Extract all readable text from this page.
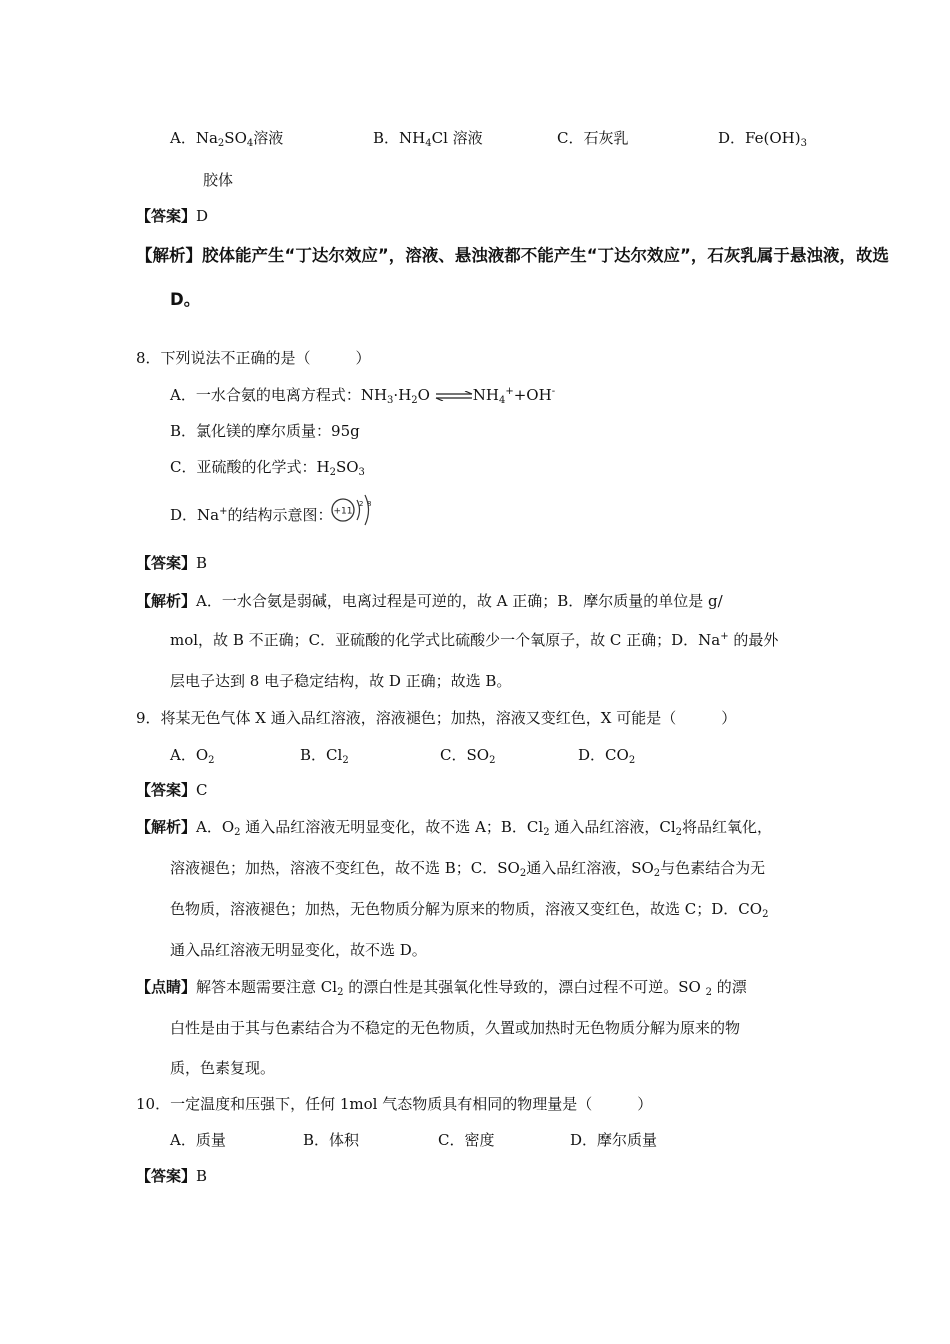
A．$Na_2SO_4$溶液	B．$NH_4Cl$ 溶液	C．石灰乳	D．$Fe(OH)_3$
胶体
【答案】D
【解析】胶体能产生“丁达尔效应”，溶液、悬浊液都不能产生“丁达尔效应”，石灰乳属于悬浊液，故选
D。
8．下列说法不正确的是（　　　）
A．一水合氨的电离方程式：$NH_3\cdot H_2O$ $\rightleftharpoons NH_4^++OH^-$
B．氯化镁的摩尔质量：95g
C．亚硫酸的化学式：$H_2SO_3$
D．Na+的结构示意图： +11
2 8
【答案】B
【解析】A．一水合氨是弱碱，电离过程是可逆的，故 A 正确；B．摩尔质量的单位是 g/
mol，故 B 不正确；C．亚硫酸的化学式比硫酸少一个氧原子，故 C 正确；D．Na+ 的最外
层电子达到 8 电子稳定结构，故 D 正确；故选 B。
9．将某无色气体 X 通入品红溶液，溶液褪色；加热，溶液又变红色，X 可能是（　　　）
A．$O_2$	B．$Cl_2$	C．$SO_2$	D．$CO_2$
【答案】C
【解析】A．$O_2$ 通入品红溶液无明显变化，故不选 A；B．$Cl_2$ 通入品红溶液，$Cl_2$将品红氧化，
溶液褪色；加热，溶液不变红色，故不选 B；C．$SO_2$通入品红溶液，$SO_2$与色素结合为无
色物质，溶液褪色；加热，无色物质分解为原来的物质，溶液又变红色，故选 C；D．$CO_2$
通入品红溶液无明显变化，故不选 D。
【点睛】解答本题需要注意 $Cl_2$ 的漂白性是其强氧化性导致的，漂白过程不可逆。SO $_2$ 的漂
白性是由于其与色素结合为不稳定的无色物质，久置或加热时无色物质分解为原来的物
质，色素复现。
10．一定温度和压强下，任何 1mol 气态物质具有相同的物理量是（　　　）
A．质量	B．体积	C．密度	D．摩尔质量
【答案】B
